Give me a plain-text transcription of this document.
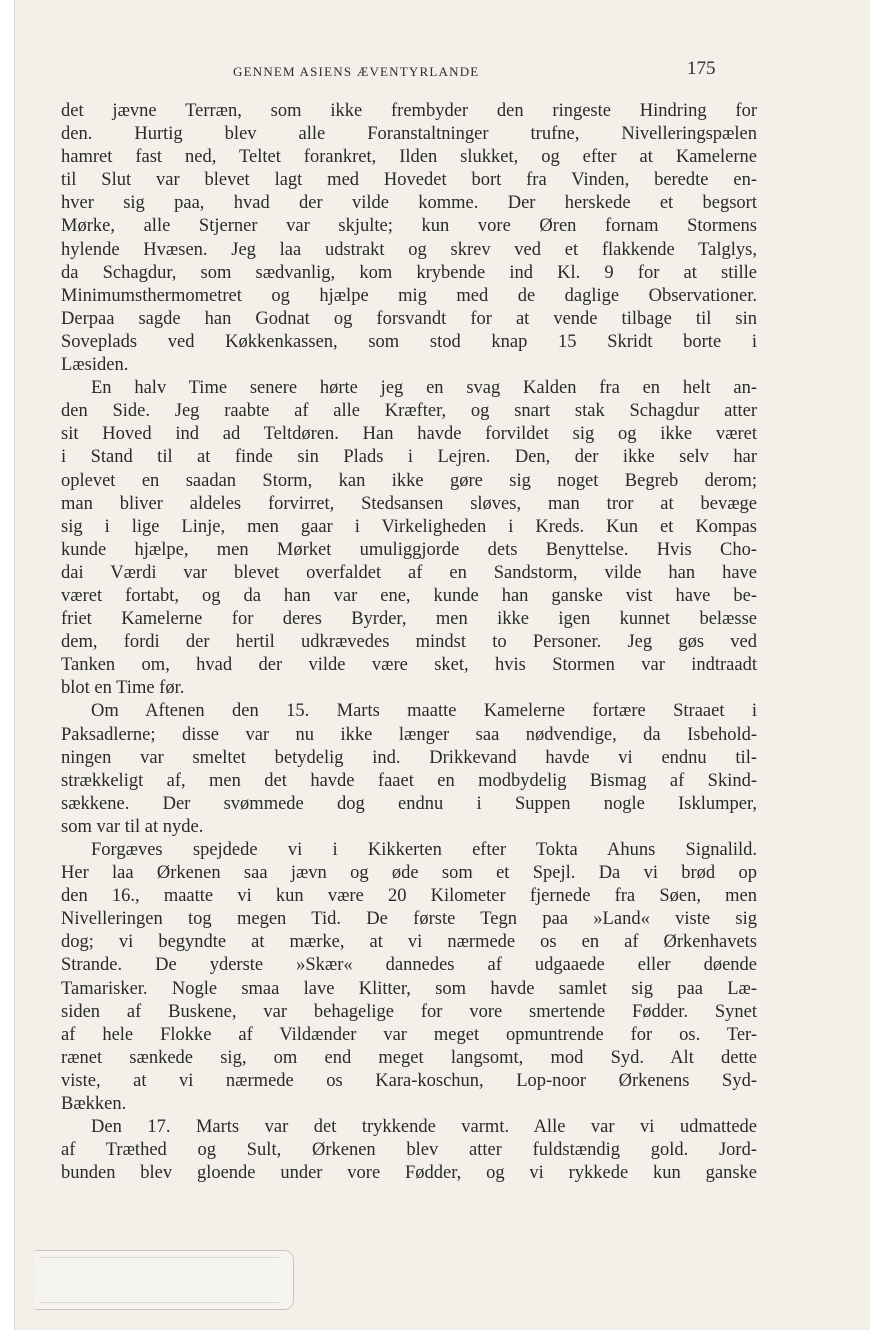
GENNEM ASIENS ÆVENTYRLANDE	175
det jævne Terræn, som ikke frembyder den ringeste Hindring for
den. Hurtig blev alle Foranstaltninger trufne, Nivelleringspælen
hamret fast ned, Teltet forankret, Ilden slukket, og efter at Kamelerne
til Slut var blevet lagt med Hovedet bort fra Vinden, beredte en-
hver sig paa, hvad der vilde komme. Der herskede et begsort
Mørke, alle Stjerner var skjulte; kun vore Øren fornam Stormens
hylende Hvæsen. Jeg laa udstrakt og skrev ved et flakkende Talglys,
da Schagdur, som sædvanlig, kom krybende ind Kl. 9 for at stille
Minimumsthermometret og hjælpe mig med de daglige Observationer.
Derpaa sagde han Godnat og forsvandt for at vende tilbage til sin
Soveplads ved Køkkenkassen, som stod knap 15 Skridt borte i
Læsiden.
En halv Time senere hørte jeg en svag Kalden fra en helt an-
den Side. Jeg raabte af alle Kræfter, og snart stak Schagdur atter
sit Hoved ind ad Teltdøren. Han havde forvildet sig og ikke været
i Stand til at finde sin Plads i Lejren. Den, der ikke selv har
oplevet en saadan Storm, kan ikke gøre sig noget Begreb derom;
man bliver aldeles forvirret, Stedsansen sløves, man tror at bevæge
sig i lige Linje, men gaar i Virkeligheden i Kreds. Kun et Kompas
kunde hjælpe, men Mørket umuliggjorde dets Benyttelse. Hvis Cho-
dai Værdi var blevet overfaldet af en Sandstorm, vilde han have
været fortabt, og da han var ene, kunde han ganske vist have be-
friet Kamelerne for deres Byrder, men ikke igen kunnet belæsse
dem, fordi der hertil udkrævedes mindst to Personer. Jeg gøs ved
Tanken om, hvad der vilde være sket, hvis Stormen var indtraadt
blot en Time før.
Om Aftenen den 15. Marts maatte Kamelerne fortære Straaet i
Paksadlerne; disse var nu ikke længer saa nødvendige, da Isbehold-
ningen var smeltet betydelig ind. Drikkevand havde vi endnu til-
strækkeligt af, men det havde faaet en modbydelig Bismag af Skind-
sækkene. Der svømmede dog endnu i Suppen nogle Isklumper,
som var til at nyde.
Forgæves spejdede vi i Kikkerten efter Tokta Ahuns Signalild.
Her laa Ørkenen saa jævn og øde som et Spejl. Da vi brød op
den 16., maatte vi kun være 20 Kilometer fjernede fra Søen, men
Nivelleringen tog megen Tid. De første Tegn paa »Land« viste sig
dog; vi begyndte at mærke, at vi nærmede os en af Ørkenhavets
Strande. De yderste »Skær« dannedes af udgaaede eller døende
Tamarisker. Nogle smaa lave Klitter, som havde samlet sig paa Læ-
siden af Buskene, var behagelige for vore smertende Fødder. Synet
af hele Flokke af Vildænder var meget opmuntrende for os. Ter-
rænet sænkede sig, om end meget langsomt, mod Syd. Alt dette
viste, at vi nærmede os Kara-koschun, Lop-noor Ørkenens Syd-
Bækken.
Den 17. Marts var det trykkende varmt. Alle var vi udmattede
af Træthed og Sult, Ørkenen blev atter fuldstændig gold. Jord-
bunden blev gloende under vore Fødder, og vi rykkede kun ganske
